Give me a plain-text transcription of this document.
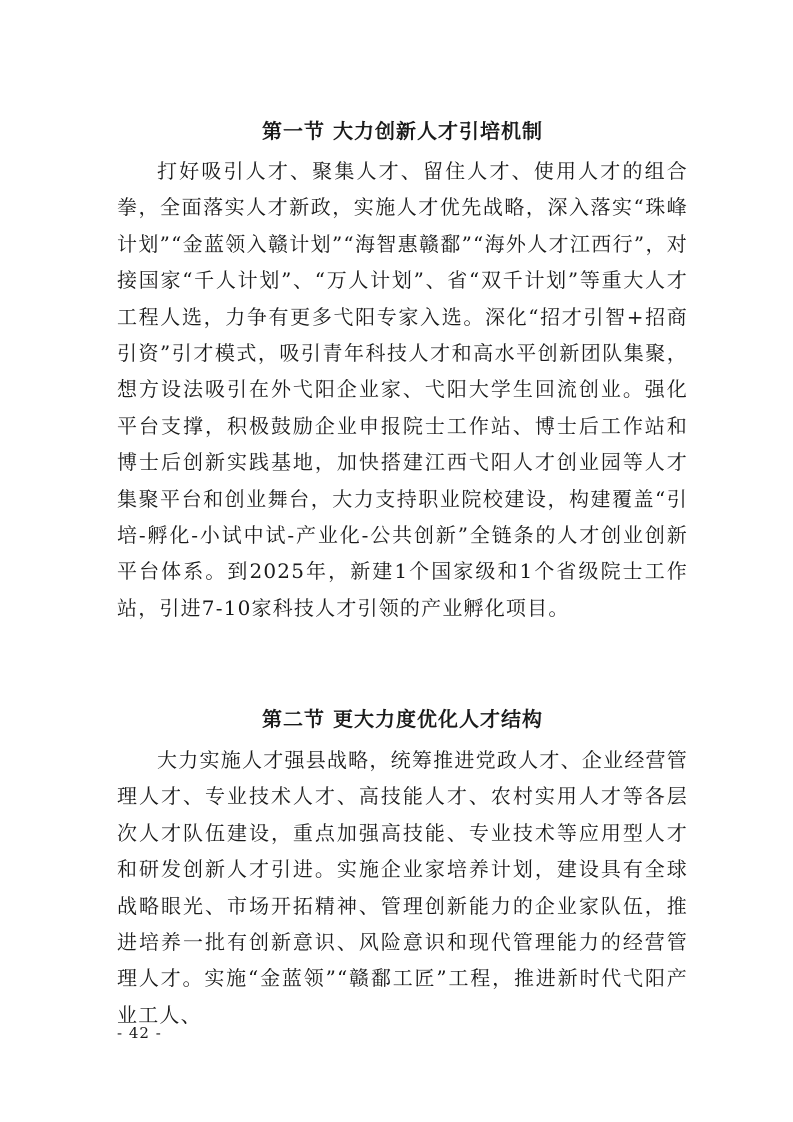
第一节 大力创新人才引培机制

打好吸引人才、聚集人才、留住人才、使用人才的组合拳，全面落实人才新政，实施人才优先战略，深入落实“珠峰计划”“金蓝领入赣计划”“海智惠赣鄱”“海外人才江西行”，对接国家“千人计划”、“万人计划”、省“双千计划”等重大人才工程人选，力争有更多弋阳专家入选。深化“招才引智+招商引资”引才模式，吸引青年科技人才和高水平创新团队集聚，想方设法吸引在外弋阳企业家、弋阳大学生回流创业。强化平台支撑，积极鼓励企业申报院士工作站、博士后工作站和博士后创新实践基地，加快搭建江西弋阳人才创业园等人才集聚平台和创业舞台，大力支持职业院校建设，构建覆盖“引培-孵化-小试中试-产业化-公共创新”全链条的人才创业创新平台体系。到2025年，新建1个国家级和1个省级院士工作站，引进7-10家科技人才引领的产业孵化项目。

第二节 更大力度优化人才结构

大力实施人才强县战略，统筹推进党政人才、企业经营管理人才、专业技术人才、高技能人才、农村实用人才等各层次人才队伍建设，重点加强高技能、专业技术等应用型人才和研发创新人才引进。实施企业家培养计划，建设具有全球战略眼光、市场开拓精神、管理创新能力的企业家队伍，推进培养一批有创新意识、风险意识和现代管理能力的经营管理人才。实施“金蓝领”“赣鄱工匠”工程，推进新时代弋阳产业工人、

- 42 -
